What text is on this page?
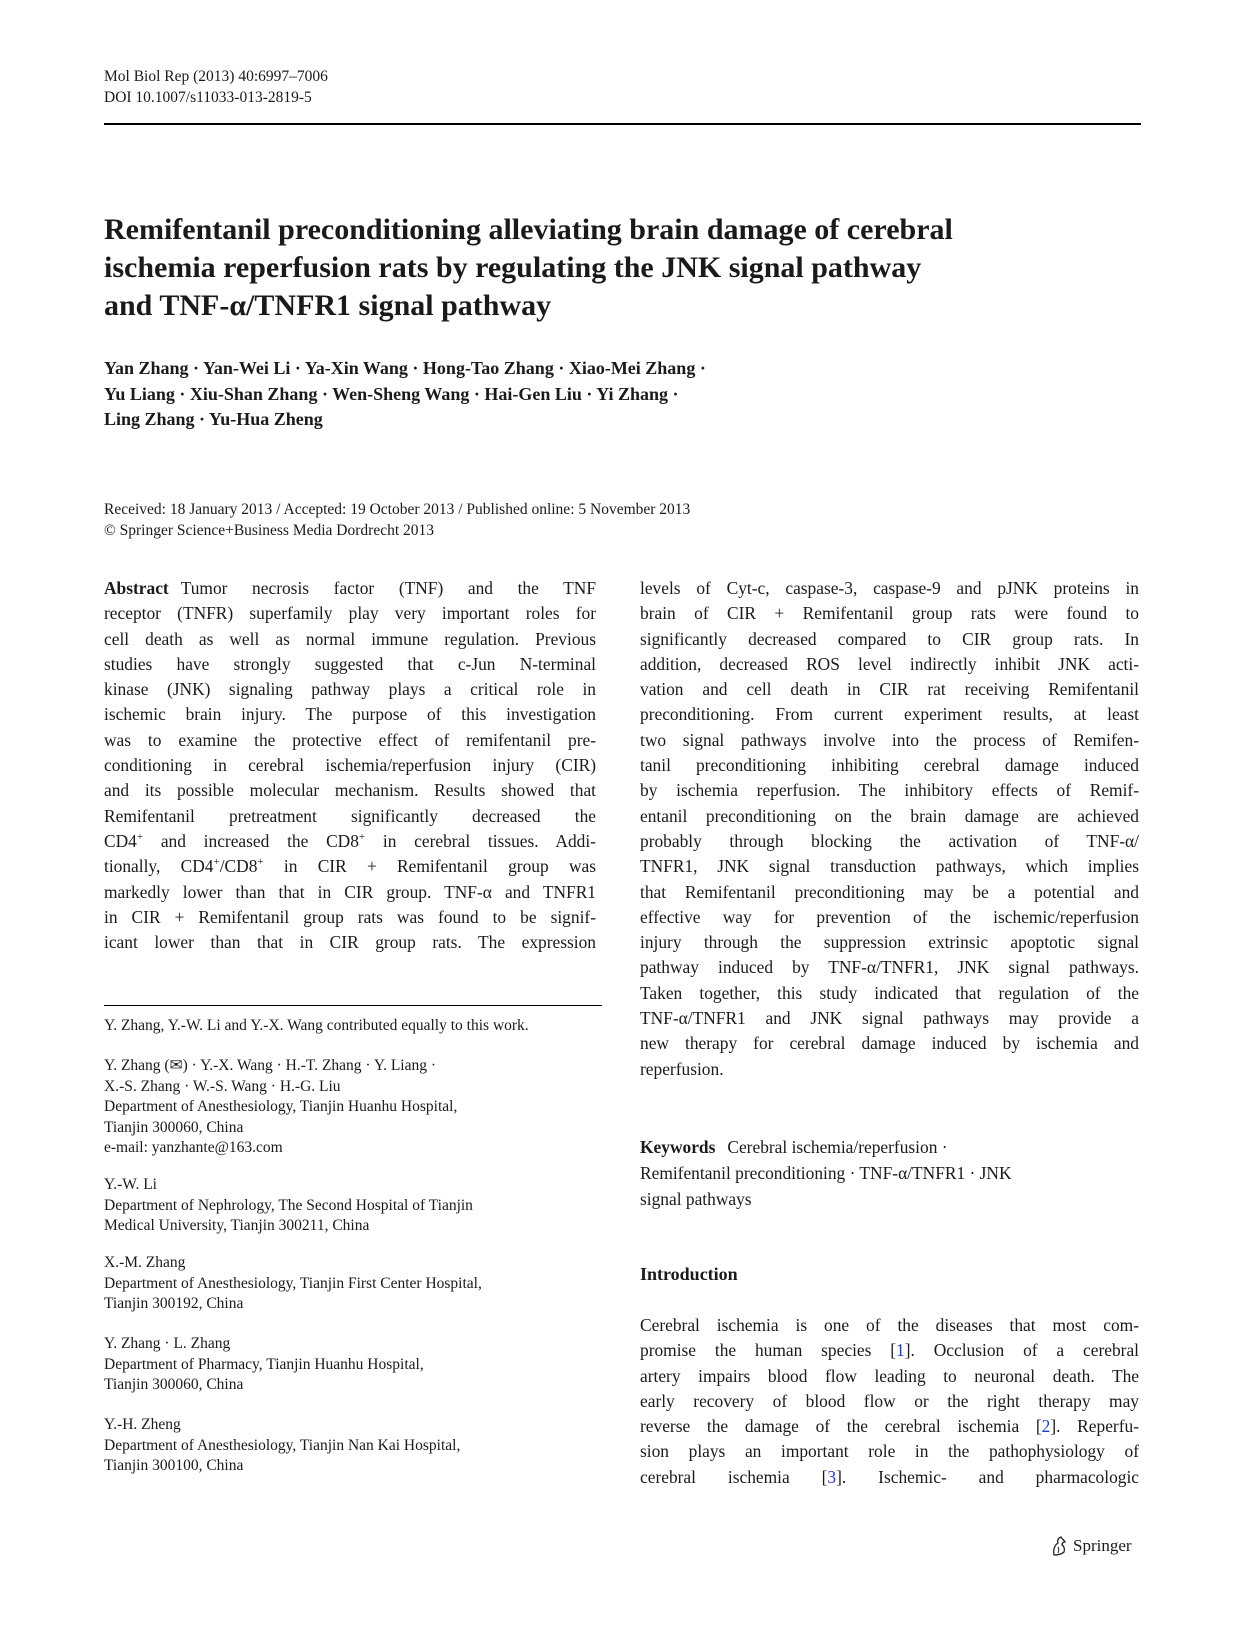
Mol Biol Rep (2013) 40:6997–7006
DOI 10.1007/s11033-013-2819-5
Remifentanil preconditioning alleviating brain damage of cerebral
ischemia reperfusion rats by regulating the JNK signal pathway
and TNF-α/TNFR1 signal pathway
Yan Zhang · Yan-Wei Li · Ya-Xin Wang · Hong-Tao Zhang · Xiao-Mei Zhang ·
Yu Liang · Xiu-Shan Zhang · Wen-Sheng Wang · Hai-Gen Liu · Yi Zhang ·
Ling Zhang · Yu-Hua Zheng
Received: 18 January 2013 / Accepted: 19 October 2013 / Published online: 5 November 2013
© Springer Science+Business Media Dordrecht 2013
Abstract Tumor necrosis factor (TNF) and the TNF
receptor (TNFR) superfamily play very important roles for
cell death as well as normal immune regulation. Previous
studies have strongly suggested that c-Jun N-terminal
kinase (JNK) signaling pathway plays a critical role in
ischemic brain injury. The purpose of this investigation
was to examine the protective effect of remifentanil pre-
conditioning in cerebral ischemia/reperfusion injury (CIR)
and its possible molecular mechanism. Results showed that
Remifentanil pretreatment significantly decreased the
CD4+ and increased the CD8+ in cerebral tissues. Addi-
tionally, CD4+/CD8+ in CIR + Remifentanil group was
markedly lower than that in CIR group. TNF-α and TNFR1
in CIR + Remifentanil group rats was found to be signif-
icant lower than that in CIR group rats. The expression
Y. Zhang, Y.-W. Li and Y.-X. Wang contributed equally to this work.
Y. Zhang (✉) · Y.-X. Wang · H.-T. Zhang · Y. Liang ·
X.-S. Zhang · W.-S. Wang · H.-G. Liu
Department of Anesthesiology, Tianjin Huanhu Hospital,
Tianjin 300060, China
e-mail: yanzhante@163.com
Y.-W. Li
Department of Nephrology, The Second Hospital of Tianjin
Medical University, Tianjin 300211, China
X.-M. Zhang
Department of Anesthesiology, Tianjin First Center Hospital,
Tianjin 300192, China
Y. Zhang · L. Zhang
Department of Pharmacy, Tianjin Huanhu Hospital,
Tianjin 300060, China
Y.-H. Zheng
Department of Anesthesiology, Tianjin Nan Kai Hospital,
Tianjin 300100, China
levels of Cyt-c, caspase-3, caspase-9 and pJNK proteins in
brain of CIR + Remifentanil group rats were found to
significantly decreased compared to CIR group rats. In
addition, decreased ROS level indirectly inhibit JNK acti-
vation and cell death in CIR rat receiving Remifentanil
preconditioning. From current experiment results, at least
two signal pathways involve into the process of Remifen-
tanil preconditioning inhibiting cerebral damage induced
by ischemia reperfusion. The inhibitory effects of Remif-
entanil preconditioning on the brain damage are achieved
probably through blocking the activation of TNF-α/
TNFR1, JNK signal transduction pathways, which implies
that Remifentanil preconditioning may be a potential and
effective way for prevention of the ischemic/reperfusion
injury through the suppression extrinsic apoptotic signal
pathway induced by TNF-α/TNFR1, JNK signal pathways.
Taken together, this study indicated that regulation of the
TNF-α/TNFR1 and JNK signal pathways may provide a
new therapy for cerebral damage induced by ischemia and
reperfusion.
Keywords Cerebral ischemia/reperfusion ·
Remifentanil preconditioning · TNF-α/TNFR1 · JNK
signal pathways
Introduction
Cerebral ischemia is one of the diseases that most com-
promise the human species [1]. Occlusion of a cerebral
artery impairs blood flow leading to neuronal death. The
early recovery of blood flow or the right therapy may
reverse the damage of the cerebral ischemia [2]. Reperfu-
sion plays an important role in the pathophysiology of
cerebral ischemia [3]. Ischemic- and pharmacologic
Springer
